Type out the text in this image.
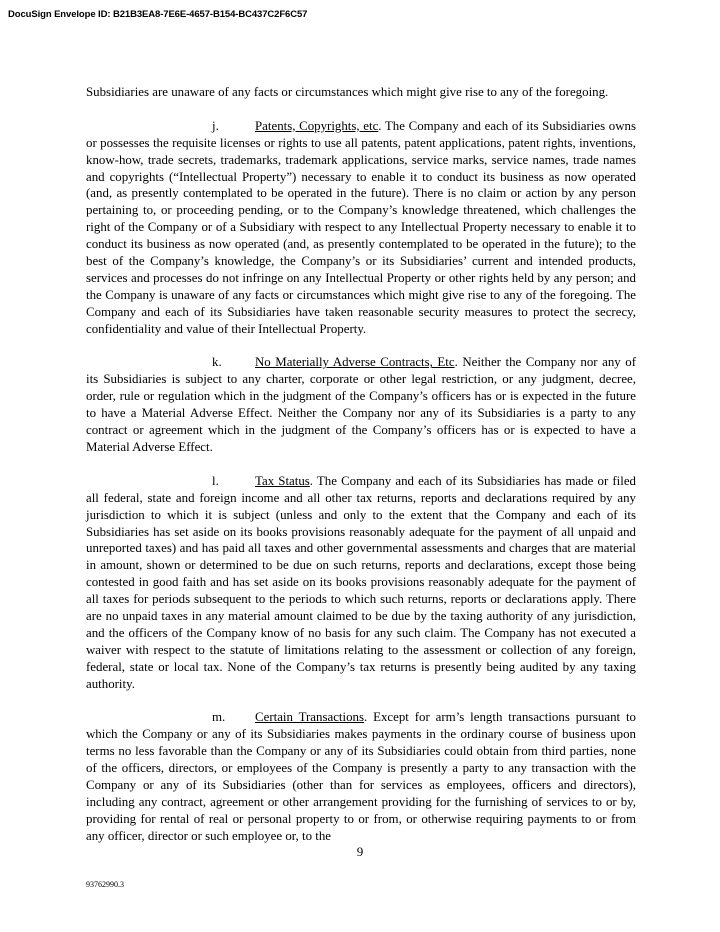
DocuSign Envelope ID: B21B3EA8-7E6E-4657-B154-BC437C2F6C57

Subsidiaries are unaware of any facts or circumstances which might give rise to any of the foregoing.

j.	Patents, Copyrights, etc. The Company and each of its Subsidiaries owns or possesses the requisite licenses or rights to use all patents, patent applications, patent rights, inventions, know-how, trade secrets, trademarks, trademark applications, service marks, service names, trade names and copyrights (“Intellectual Property”) necessary to enable it to conduct its business as now operated (and, as presently contemplated to be operated in the future). There is no claim or action by any person pertaining to, or proceeding pending, or to the Company’s knowledge threatened, which challenges the right of the Company or of a Subsidiary with respect to any Intellectual Property necessary to enable it to conduct its business as now operated (and, as presently contemplated to be operated in the future); to the best of the Company’s knowledge, the Company’s or its Subsidiaries’ current and intended products, services and processes do not infringe on any Intellectual Property or other rights held by any person; and the Company is unaware of any facts or circumstances which might give rise to any of the foregoing. The Company and each of its Subsidiaries have taken reasonable security measures to protect the secrecy, confidentiality and value of their Intellectual Property.

k.	No Materially Adverse Contracts, Etc. Neither the Company nor any of its Subsidiaries is subject to any charter, corporate or other legal restriction, or any judgment, decree, order, rule or regulation which in the judgment of the Company’s officers has or is expected in the future to have a Material Adverse Effect. Neither the Company nor any of its Subsidiaries is a party to any contract or agreement which in the judgment of the Company’s officers has or is expected to have a Material Adverse Effect.

l.	Tax Status. The Company and each of its Subsidiaries has made or filed all federal, state and foreign income and all other tax returns, reports and declarations required by any jurisdiction to which it is subject (unless and only to the extent that the Company and each of its Subsidiaries has set aside on its books provisions reasonably adequate for the payment of all unpaid and unreported taxes) and has paid all taxes and other governmental assessments and charges that are material in amount, shown or determined to be due on such returns, reports and declarations, except those being contested in good faith and has set aside on its books provisions reasonably adequate for the payment of all taxes for periods subsequent to the periods to which such returns, reports or declarations apply. There are no unpaid taxes in any material amount claimed to be due by the taxing authority of any jurisdiction, and the officers of the Company know of no basis for any such claim. The Company has not executed a waiver with respect to the statute of limitations relating to the assessment or collection of any foreign, federal, state or local tax. None of the Company’s tax returns is presently being audited by any taxing authority.

m. Certain Transactions. Except for arm’s length transactions pursuant to which the Company or any of its Subsidiaries makes payments in the ordinary course of business upon terms no less favorable than the Company or any of its Subsidiaries could obtain from third parties, none of the officers, directors, or employees of the Company is presently a party to any transaction with the Company or any of its Subsidiaries (other than for services as employees, officers and directors), including any contract, agreement or other arrangement providing for the furnishing of services to or by, providing for rental of real or personal property to or from, or otherwise requiring payments to or from any officer, director or such employee or, to the

9
93762990.3
